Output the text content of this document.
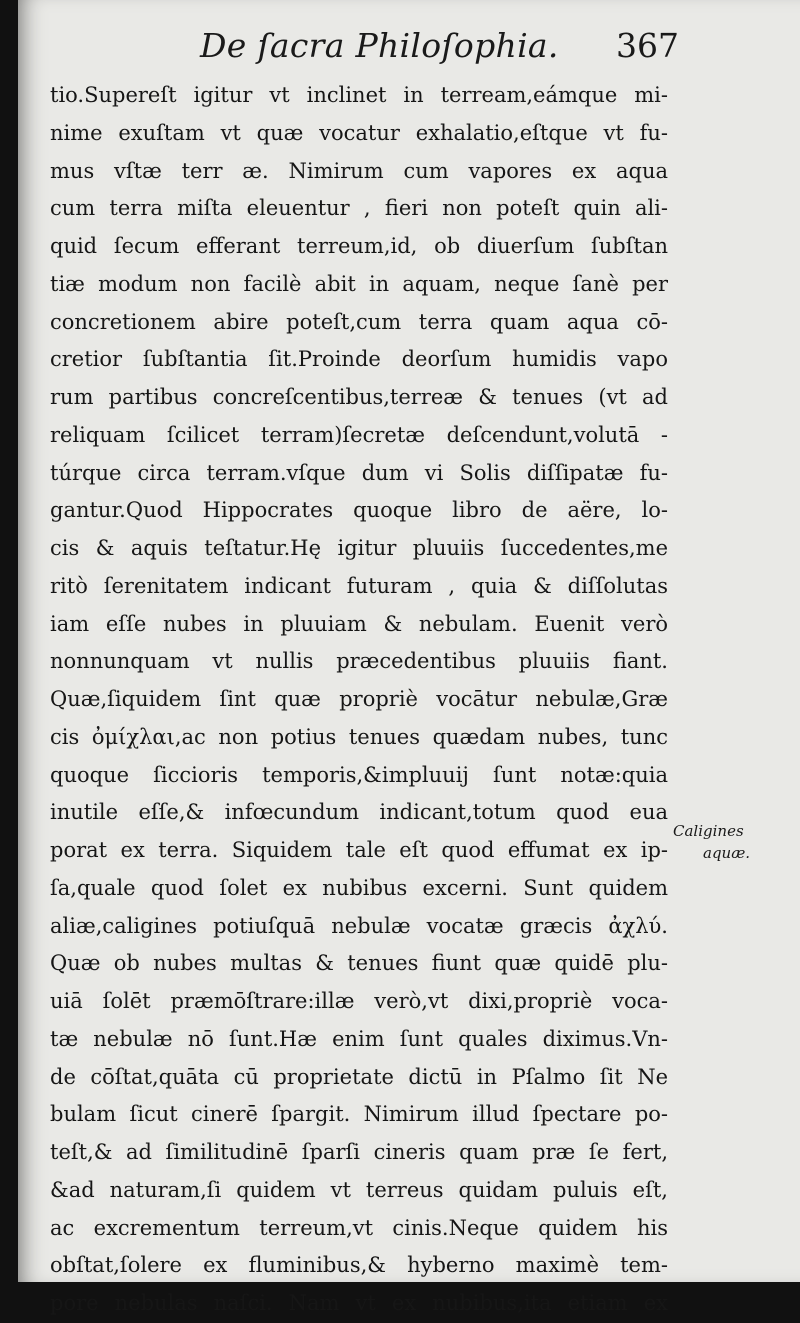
De ſacra Philoſophia. 367
tio.Supereſt igitur vt inclinet in terream,eámque mi-
nime exuſtam vt quæ vocatur exhalatio,eſtque vt fu-
mus vſtæ terr æ. Nimirum cum vapores ex aqua
cum terra miſta eleuentur , fieri non poteſt quin ali-
quid ſecum efferant terreum,id, ob diuerſum ſubſtan
tiæ modum non facilè abit in aquam, neque ſanè per
concretionem abire poteſt,cum terra quam aqua cō-
cretior ſubſtantia ſit.Proinde deorſum humidis vapo
rum partibus concreſcentibus,terreæ & tenues (vt ad
reliquam ſcilicet terram)ſecretæ deſcendunt,volutā -
túrque circa terram.vſque dum vi Solis diſſipatæ fu-
gantur.Quod Hippocrates quoque libro de aëre, lo-
cis & aquis teſtatur.Hę igitur pluuiis ſuccedentes,me
ritò ſerenitatem indicant futuram , quia & diſſolutas
iam eſſe nubes in pluuiam & nebulam. Euenit verò
nonnunquam vt nullis præcedentibus pluuiis fiant.
Quæ,ſiquidem ſint quæ propriè vocātur nebulæ,Græ
cis ὀμίχλαι,ac non potius tenues quædam nubes, tunc
quoque ſiccioris temporis,&impluuij ſunt notæ:quia
inutile eſſe,& infœcundum indicant,totum quod eua
porat ex terra. Siquidem tale eſt quod effumat ex ip-
ſa,quale quod ſolet ex nubibus excerni. Sunt quidem
aliæ,caligines potiuſquā nebulæ vocatæ græcis ἀχλύ.
Quæ ob nubes multas & tenues fiunt quæ quidē plu-
uiā ſolēt præmōſtrare:illæ verò,vt dixi,propriè voca-
tæ nebulæ nō ſunt.Hæ enim ſunt quales diximus.Vn-
de cōſtat,quāta cū proprietate dictū in Pſalmo ſit Ne
bulam ſicut cinerē ſpargit. Nimirum illud ſpectare po-
teſt,& ad ſimilitudinē ſparſi cineris quam præ ſe fert,
&ad naturam,ſi quidem vt terreus quidam puluis eſt,
ac excrementum terreum,vt cinis.Neque quidem his
obſtat,ſolere ex fluminibus,& hyberno maximè tem-
pore nebulas naſci. Nam vt ex nubibus,ita etiam ex
Caligines
aquæ.
